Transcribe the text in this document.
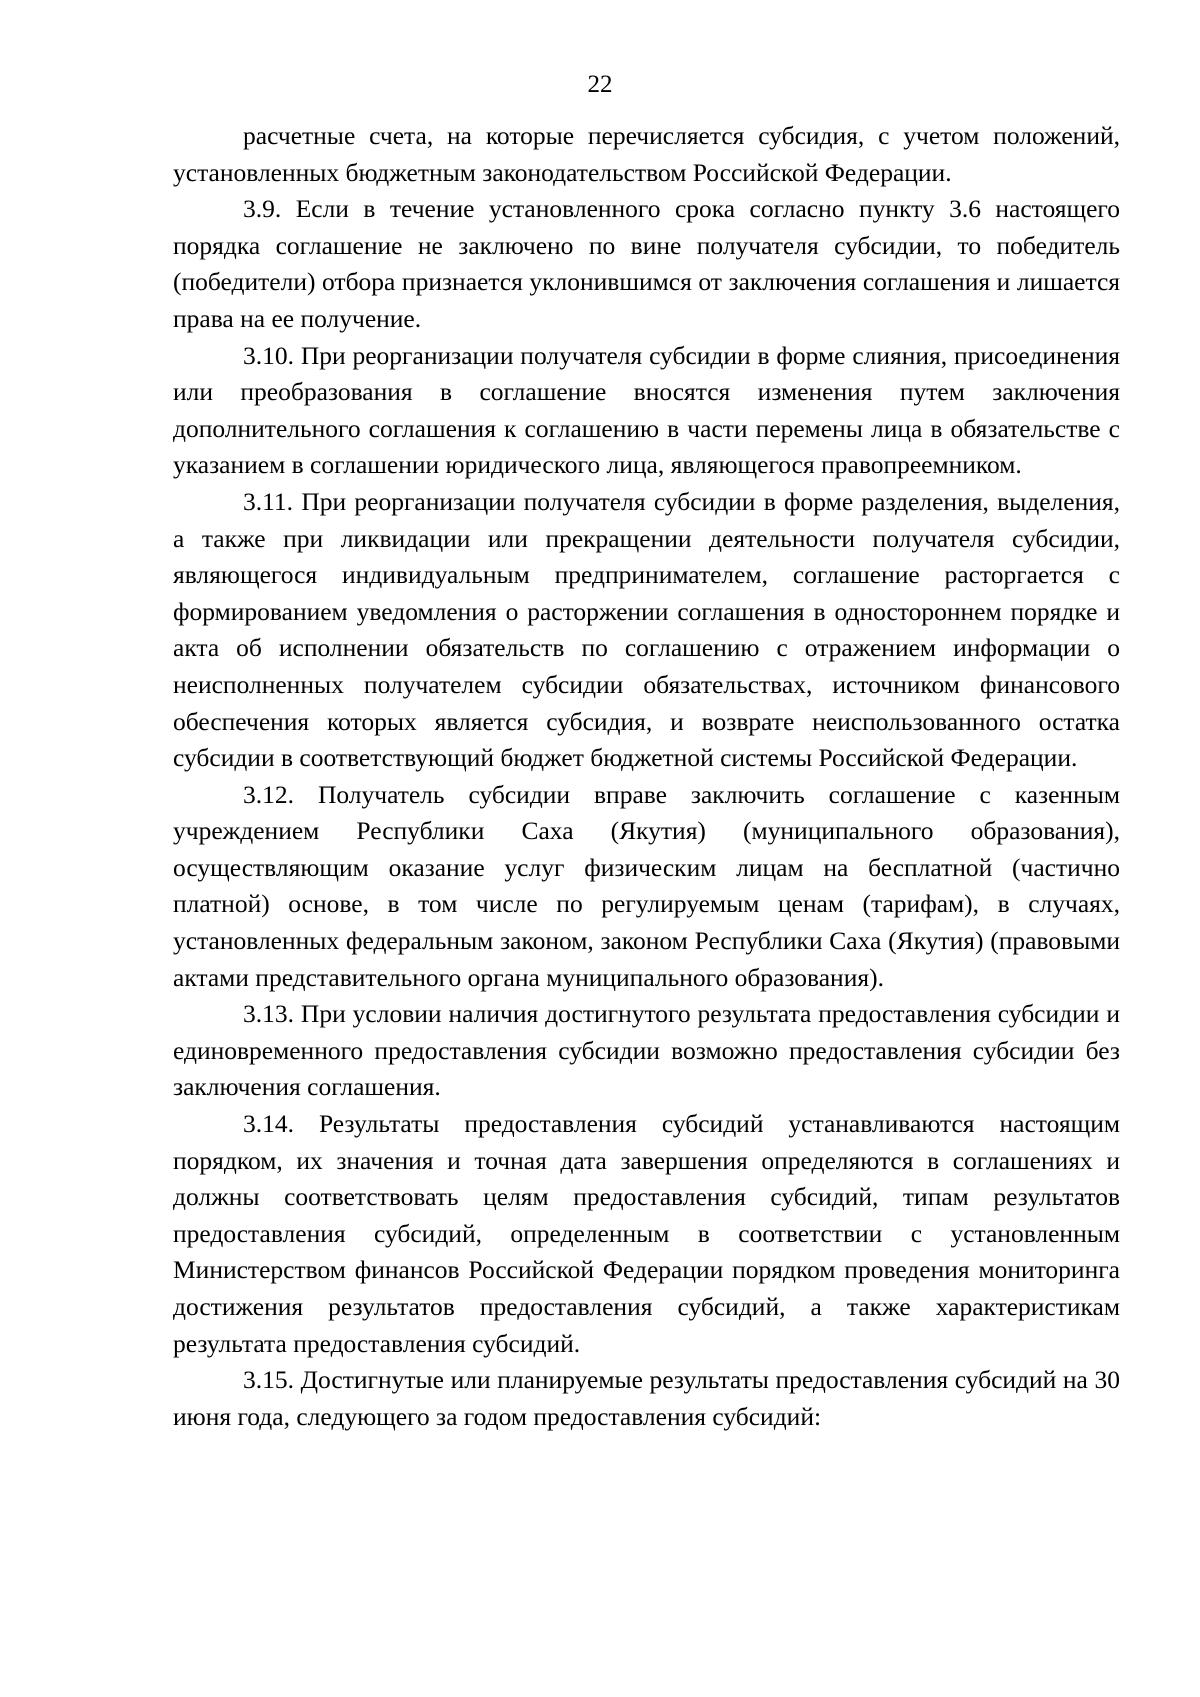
22

расчетные счета, на которые перечисляется субсидия, с учетом положений, установленных бюджетным законодательством Российской Федерации.

3.9. Если в течение установленного срока согласно пункту 3.6 настоящего порядка соглашение не заключено по вине получателя субсидии, то победитель (победители) отбора признается уклонившимся от заключения соглашения и лишается права на ее получение.

3.10. При реорганизации получателя субсидии в форме слияния, присоединения или преобразования в соглашение вносятся изменения путем заключения дополнительного соглашения к соглашению в части перемены лица в обязательстве с указанием в соглашении юридического лица, являющегося правопреемником.

3.11. При реорганизации получателя субсидии в форме разделения, выделения, а также при ликвидации или прекращении деятельности получателя субсидии, являющегося индивидуальным предпринимателем, соглашение расторгается с формированием уведомления о расторжении соглашения в одностороннем порядке и акта об исполнении обязательств по соглашению с отражением информации о неисполненных получателем субсидии обязательствах, источником финансового обеспечения которых является субсидия, и возврате неиспользованного остатка субсидии в соответствующий бюджет бюджетной системы Российской Федерации.

3.12. Получатель субсидии вправе заключить соглашение с казенным учреждением Республики Саха (Якутия) (муниципального образования), осуществляющим оказание услуг физическим лицам на бесплатной (частично платной) основе, в том числе по регулируемым ценам (тарифам), в случаях, установленных федеральным законом, законом Республики Саха (Якутия) (правовыми актами представительного органа муниципального образования).

3.13. При условии наличия достигнутого результата предоставления субсидии и единовременного предоставления субсидии возможно предоставления субсидии без заключения соглашения.

3.14. Результаты предоставления субсидий устанавливаются настоящим порядком, их значения и точная дата завершения определяются в соглашениях и должны соответствовать целям предоставления субсидий, типам результатов предоставления субсидий, определенным в соответствии с установленным Министерством финансов Российской Федерации порядком проведения мониторинга достижения результатов предоставления субсидий, а также характеристикам результата предоставления субсидий.

3.15. Достигнутые или планируемые результаты предоставления субсидий на 30 июня года, следующего за годом предоставления субсидий:
